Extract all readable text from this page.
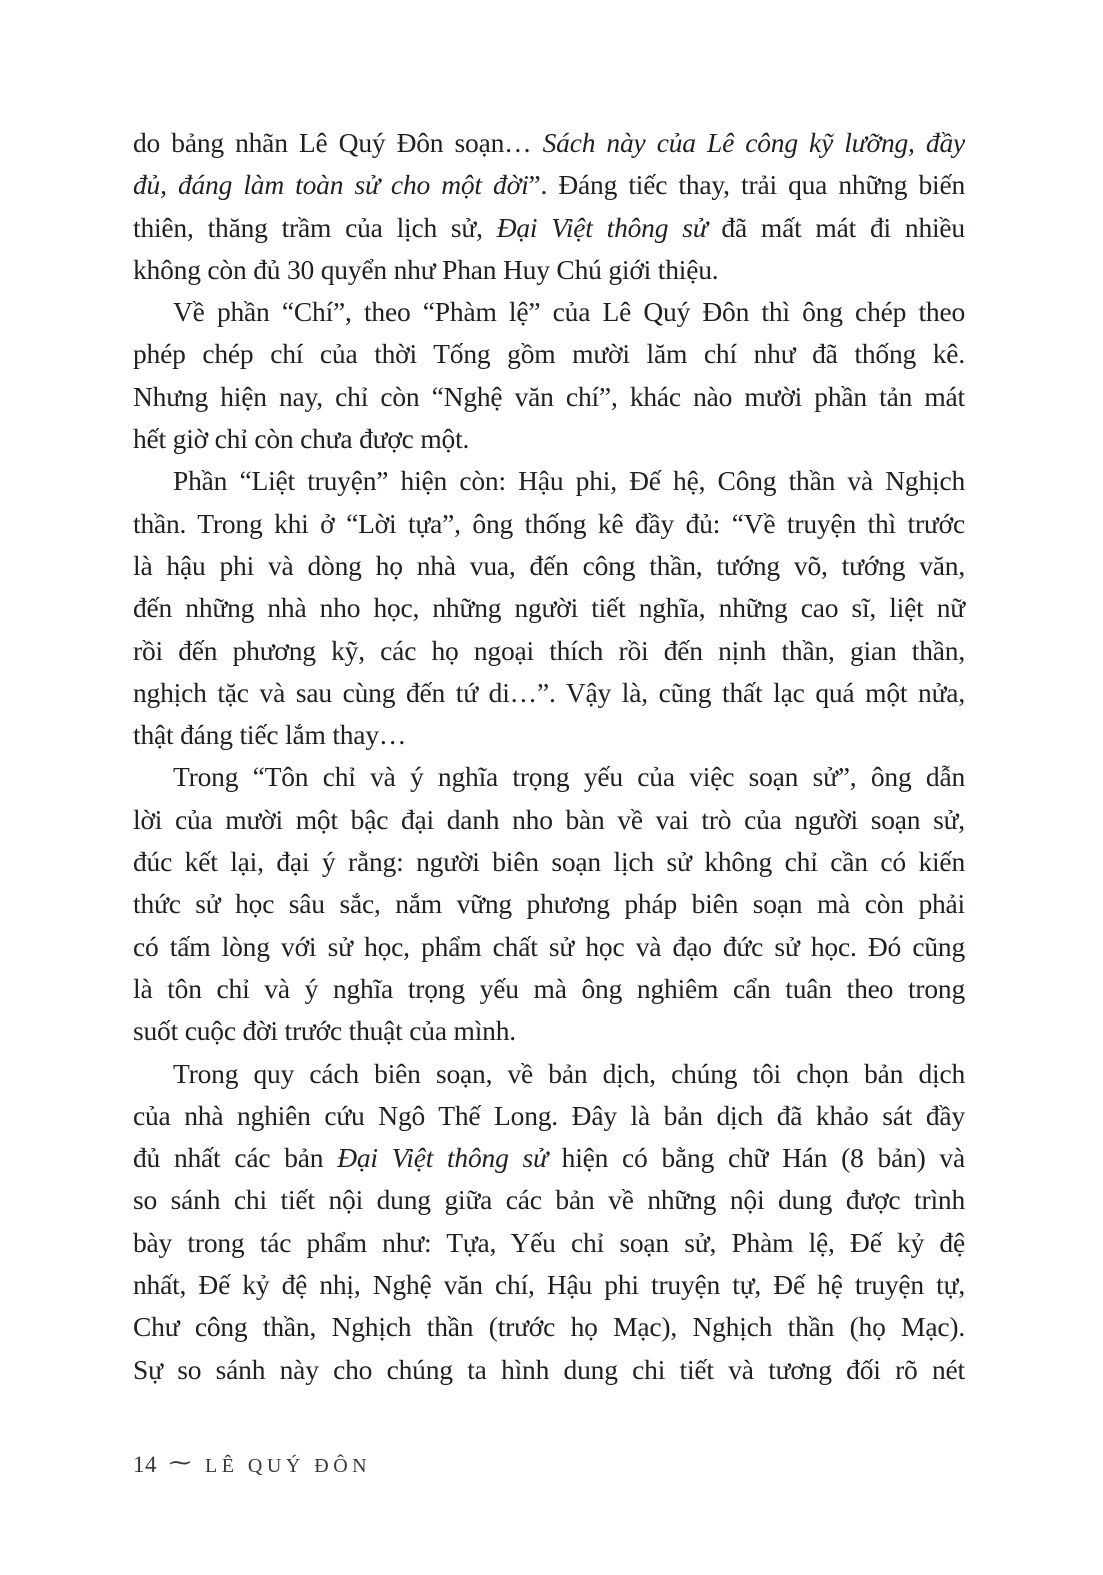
do bảng nhãn Lê Quý Đôn soạn… Sách này của Lê công kỹ lưỡng, đầy
đủ, đáng làm toàn sử cho một đời”. Đáng tiếc thay, trải qua những biến
thiên, thăng trầm của lịch sử, Đại Việt thông sử đã mất mát đi nhiều
không còn đủ 30 quyển như Phan Huy Chú giới thiệu.
Về phần “Chí”, theo “Phàm lệ” của Lê Quý Đôn thì ông chép theo
phép chép chí của thời Tống gồm mười lăm chí như đã thống kê.
Nhưng hiện nay, chỉ còn “Nghệ văn chí”, khác nào mười phần tản mát
hết giờ chỉ còn chưa được một.
Phần “Liệt truyện” hiện còn: Hậu phi, Đế hệ, Công thần và Nghịch
thần. Trong khi ở “Lời tựa”, ông thống kê đầy đủ: “Về truyện thì trước
là hậu phi và dòng họ nhà vua, đến công thần, tướng võ, tướng văn,
đến những nhà nho học, những người tiết nghĩa, những cao sĩ, liệt nữ
rồi đến phương kỹ, các họ ngoại thích rồi đến nịnh thần, gian thần,
nghịch tặc và sau cùng đến tứ di…”. Vậy là, cũng thất lạc quá một nửa,
thật đáng tiếc lắm thay…
Trong “Tôn chỉ và ý nghĩa trọng yếu của việc soạn sử”, ông dẫn
lời của mười một bậc đại danh nho bàn về vai trò của người soạn sử,
đúc kết lại, đại ý rằng: người biên soạn lịch sử không chỉ cần có kiến
thức sử học sâu sắc, nắm vững phương pháp biên soạn mà còn phải
có tấm lòng với sử học, phẩm chất sử học và đạo đức sử học. Đó cũng
là tôn chỉ và ý nghĩa trọng yếu mà ông nghiêm cẩn tuân theo trong
suốt cuộc đời trước thuật của mình.
Trong quy cách biên soạn, về bản dịch, chúng tôi chọn bản dịch
của nhà nghiên cứu Ngô Thế Long. Đây là bản dịch đã khảo sát đầy
đủ nhất các bản Đại Việt thông sử hiện có bằng chữ Hán (8 bản) và
so sánh chi tiết nội dung giữa các bản về những nội dung được trình
bày trong tác phẩm như: Tựa, Yếu chỉ soạn sử, Phàm lệ, Đế kỷ đệ
nhất, Đế kỷ đệ nhị, Nghệ văn chí, Hậu phi truyện tự, Đế hệ truyện tự,
Chư công thần, Nghịch thần (trước họ Mạc), Nghịch thần (họ Mạc).
Sự so sánh này cho chúng ta hình dung chi tiết và tương đối rõ nét
14 ⁓ LÊ QUÝ ĐÔN
